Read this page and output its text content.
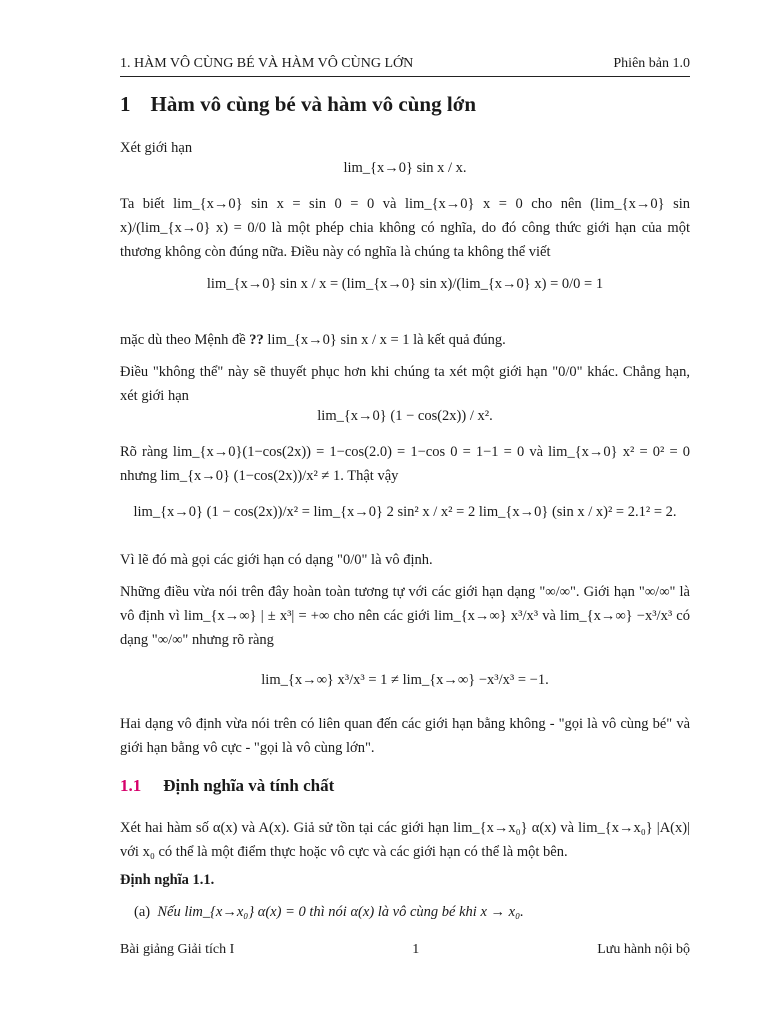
1. HÀM VÔ CÙNG BÉ VÀ HÀM VÔ CÙNG LỚN	Phiên bản 1.0
1 Hàm vô cùng bé và hàm vô cùng lớn
Xét giới hạn
lim_{x→0} sin x / x.
Ta biết lim_{x→0} sin x = sin 0 = 0 và lim_{x→0} x = 0 cho nên (lim_{x→0} sin x)/(lim_{x→0} x) = 0/0 là một phép chia không có nghĩa, do đó công thức giới hạn của một thương không còn đúng nữa. Điều này có nghĩa là chúng ta không thể viết
lim_{x→0} sin x / x = (lim_{x→0} sin x)/(lim_{x→0} x) = 0/0 = 1
mặc dù theo Mệnh đề ?? lim_{x→0} sin x / x = 1 là kết quả đúng.
Điều "không thể" này sẽ thuyết phục hơn khi chúng ta xét một giới hạn "0/0" khác. Chẳng hạn, xét giới hạn
lim_{x→0} (1 − cos(2x)) / x².
Rõ ràng lim_{x→0}(1−cos(2x)) = 1−cos(2.0) = 1−cos 0 = 1−1 = 0 và lim_{x→0} x² = 0² = 0 nhưng lim_{x→0} (1−cos(2x))/x² ≠ 1. Thật vậy
lim_{x→0} (1 − cos(2x))/x² = lim_{x→0} 2 sin² x / x² = 2 lim_{x→0} (sin x / x)² = 2.1² = 2.
Vì lẽ đó mà gọi các giới hạn có dạng "0/0" là vô định.
Những điều vừa nói trên đây hoàn toàn tương tự với các giới hạn dạng "∞/∞". Giới hạn "∞/∞" là vô định vì lim_{x→∞} | ± x³| = +∞ cho nên các giới lim_{x→∞} x³/x³ và lim_{x→∞} −x³/x³ có dạng "∞/∞" nhưng rõ ràng
lim_{x→∞} x³/x³ = 1 ≠ lim_{x→∞} −x³/x³ = −1.
Hai dạng vô định vừa nói trên có liên quan đến các giới hạn bằng không - "gọi là vô cùng bé" và giới hạn bằng vô cực - "gọi là vô cùng lớn".
1.1 Định nghĩa và tính chất
Xét hai hàm số α(x) và A(x). Giả sử tồn tại các giới hạn lim_{x→x₀} α(x) và lim_{x→x₀} |A(x)| với x₀ có thể là một điểm thực hoặc vô cực và các giới hạn có thể là một bên.
Định nghĩa 1.1.
(a) Nếu lim_{x→x₀} α(x) = 0 thì nói α(x) là vô cùng bé khi x → x₀.
Bài giảng Giải tích I	1	Lưu hành nội bộ
